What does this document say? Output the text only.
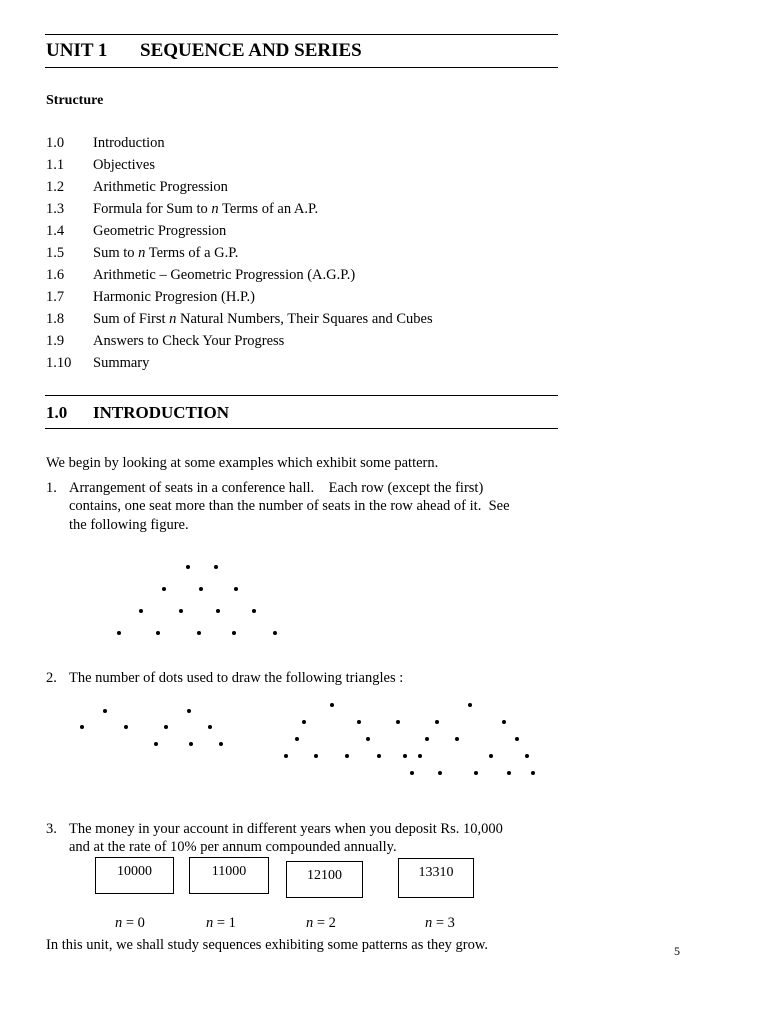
UNIT 1 SEQUENCE AND SERIES
Structure
1.0 Introduction
1.1 Objectives
1.2 Arithmetic Progression
1.3 Formula for Sum to n Terms of an A.P.
1.4 Geometric Progression
1.5 Sum to n Terms of a G.P.
1.6 Arithmetic – Geometric Progression (A.G.P.)
1.7 Harmonic Progresion (H.P.)
1.8 Sum of First n Natural Numbers, Their Squares and Cubes
1.9 Answers to Check Your Progress
1.10 Summary
1.0 INTRODUCTION
We begin by looking at some examples which exhibit some pattern.
1. Arrangement of seats in a conference hall.    Each row (except the first)
contains, one seat more than the number of seats in the row ahead of it.  See
the following figure.
2. The number of dots used to draw the following triangles :
3. The money in your account in different years when you deposit Rs. 10,000
and at the rate of 10% per annum compounded annually.
10000	11000	12100	13310
n = 0	n = 1	n = 2	n = 3
In this unit, we shall study sequences exhibiting some patterns as they grow.	5
